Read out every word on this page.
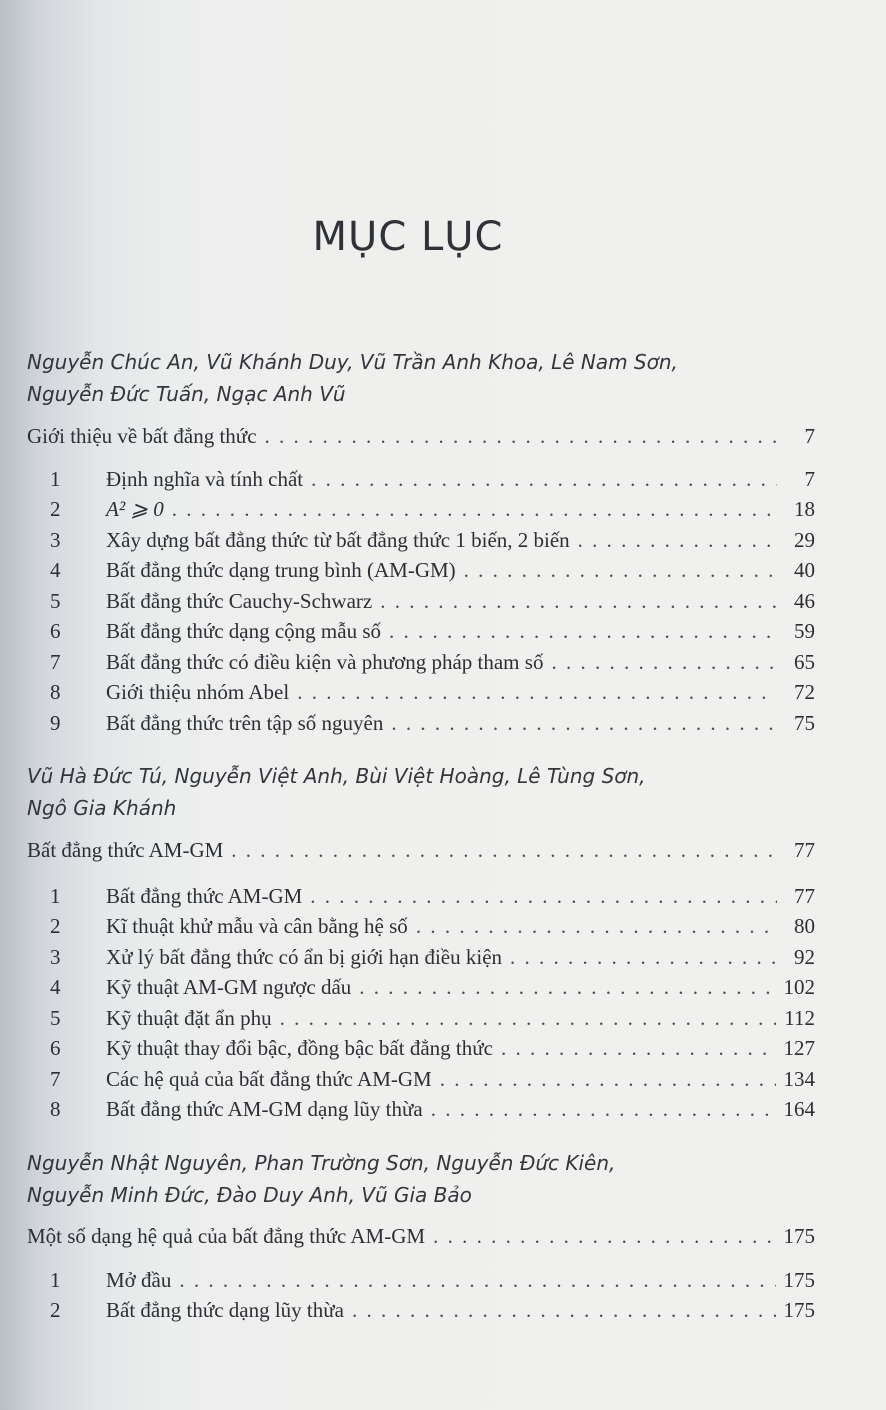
MỤC LỤC
Nguyễn Chúc An, Vũ Khánh Duy, Vũ Trần Anh Khoa, Lê Nam Sơn,
Nguyễn Đức Tuấn, Ngạc Anh Vũ
Giới thiệu về bất đẳng thức . . .	7
1	Định nghĩa và tính chất . . .	7
2	A² ⩾ 0 . . .	18
3	Xây dựng bất đẳng thức từ bất đẳng thức 1 biến, 2 biến . . .	29
4	Bất đẳng thức dạng trung bình (AM-GM) . . .	40
5	Bất đẳng thức Cauchy-Schwarz . . .	46
6	Bất đẳng thức dạng cộng mẫu số . . .	59
7	Bất đẳng thức có điều kiện và phương pháp tham số . . .	65
8	Giới thiệu nhóm Abel . . .	72
9	Bất đẳng thức trên tập số nguyên . . .	75
Vũ Hà Đức Tú, Nguyễn Việt Anh, Bùi Việt Hoàng, Lê Tùng Sơn,
Ngô Gia Khánh
Bất đẳng thức AM-GM . . .	77
1	Bất đẳng thức AM-GM . . .	77
2	Kĩ thuật khử mẫu và cân bằng hệ số . . .	80
3	Xử lý bất đẳng thức có ẩn bị giới hạn điều kiện . . .	92
4	Kỹ thuật AM-GM ngược dấu . . .	102
5	Kỹ thuật đặt ẩn phụ . . .	112
6	Kỹ thuật thay đổi bậc, đồng bậc bất đẳng thức . . .	127
7	Các hệ quả của bất đẳng thức AM-GM . . .	134
8	Bất đẳng thức AM-GM dạng lũy thừa . . .	164
Nguyễn Nhật Nguyên, Phan Trường Sơn, Nguyễn Đức Kiên,
Nguyễn Minh Đức, Đào Duy Anh, Vũ Gia Bảo
Một số dạng hệ quả của bất đẳng thức AM-GM . . .	175
1	Mở đầu . . .	175
2	Bất đẳng thức dạng lũy thừa . . .	175
